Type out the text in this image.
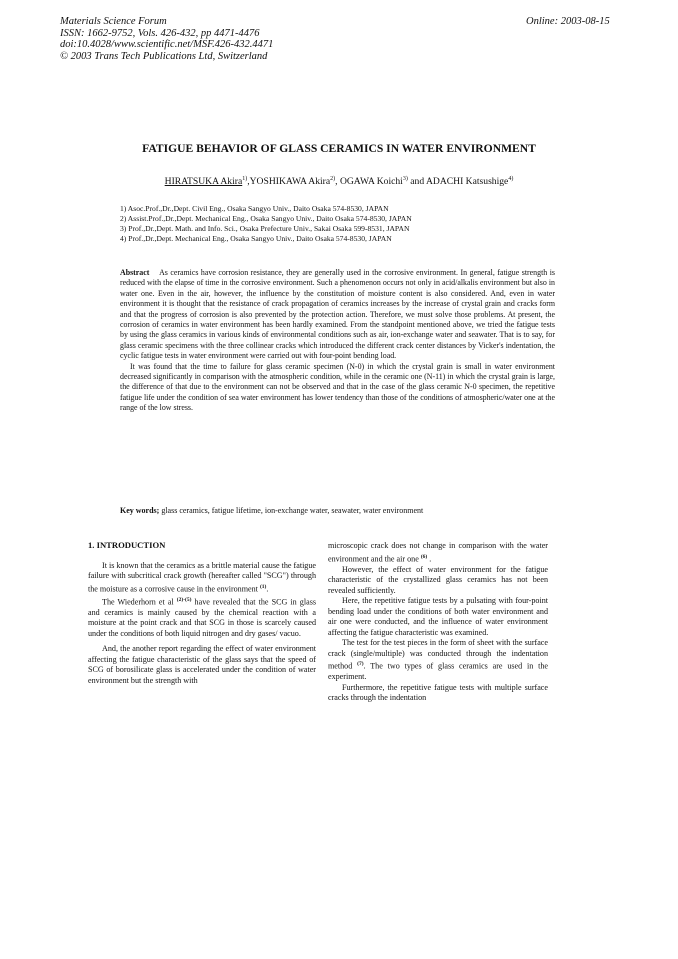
Materials Science Forum
ISSN: 1662-9752, Vols. 426-432, pp 4471-4476
doi:10.4028/www.scientific.net/MSF.426-432.4471
© 2003 Trans Tech Publications Ltd, Switzerland
Online: 2003-08-15
FATIGUE BEHAVIOR OF GLASS CERAMICS IN WATER ENVIRONMENT
HIRATSUKA Akira$^{1)}$,YOSHIKAWA Akira$^{2)}$, OGAWA Koichi$^{3)}$ and ADACHI Katsushige$^{4)}$
1) Asoc.Prof.,Dr.,Dept. Civil Eng., Osaka Sangyo Univ., Daito Osaka 574-8530, JAPAN
2) Assist.Prof.,Dr.,Dept. Mechanical Eng., Osaka Sangyo Univ., Daito Osaka 574-8530, JAPAN
3) Prof.,Dr.,Dept. Math. and Info. Sci., Osaka Prefecture Univ., Sakai Osaka 599-8531, JAPAN
4) Prof.,Dr.,Dept. Mechanical Eng., Osaka Sangyo Univ., Daito Osaka 574-8530, JAPAN

Abstract As ceramics have corrosion resistance, they are generally used in the corrosive environment. In general, fatigue strength is reduced with the elapse of time in the corrosive environment. Such a phenomenon occurs not only in acid/alkalis environment but also in water one. Even in the air, however, the influence by the constitution of moisture content is also considered. And, even in water environment it is thought that the resistance of crack propagation of ceramics increases by the increase of crystal grain and cracks form and that the progress of corrosion is also prevented by the protection action. Therefore, we must solve those problems. At present, the corrosion of ceramics in water environment has been hardly examined. From the standpoint mentioned above, we tried the fatigue tests by using the glass ceramics in various kinds of environmental conditions such as air, ion-exchange water and seawater. That is to say, for glass ceramic specimens with the three collinear cracks which introduced the different crack center distances by Vicker's indentation, the cyclic fatigue tests in water environment were carried out with four-point bending load.

It was found that the time to failure for glass ceramic specimen (N-0) in which the crystal grain is small in water environment decreased significantly in comparison with the atmospheric condition, while in the ceramic one (N-11) in which the crystal grain is large, the difference of that due to the environment can not be observed and that in the case of the glass ceramic N-0 specimen, the repetitive fatigue life under the condition of sea water environment has lower tendency than those of the conditions of atmospheric/water one at the range of the low stress.

Key words; glass ceramics, fatigue lifetime, ion-exchange water, seawater, water environment

1. INTRODUCTION

It is known that the ceramics as a brittle material cause the fatigue failure with subcritical crack growth (hereafter called "SCG") through the moisture as a corrosive cause in the environment $^{(1)}$.

The Wiederhorn et al $^{(2)-(5)}$ have revealed that the SCG in glass and ceramics is mainly caused by the chemical reaction with a moisture at the point crack and that SCG in those is scarcely caused under the conditions of both liquid nitrogen and dry gases/ vacuo.

And, the another report regarding the effect of water environment affecting the fatigue characteristic of the glass says that the speed of SCG of borosilicate glass is accelerated under the condition of water environment but the strength with

microscopic crack does not change in comparison with the water environment and the air one $^{(6)}$ .

However, the effect of water environment for the fatigue characteristic of the crystallized glass ceramics has not been revealed sufficiently.

Here, the repetitive fatigue tests by a pulsating with four-point bending load under the conditions of both water environment and air one were conducted, and the influence of water environment affecting the fatigue characteristic was examined.

The test for the test pieces in the form of sheet with the surface crack (single/multiple) was conducted through the indentation method $^{(7)}$. The two types of glass ceramics are used in the experiment.

Furthermore, the repetitive fatigue tests with multiple surface cracks through the indentation
